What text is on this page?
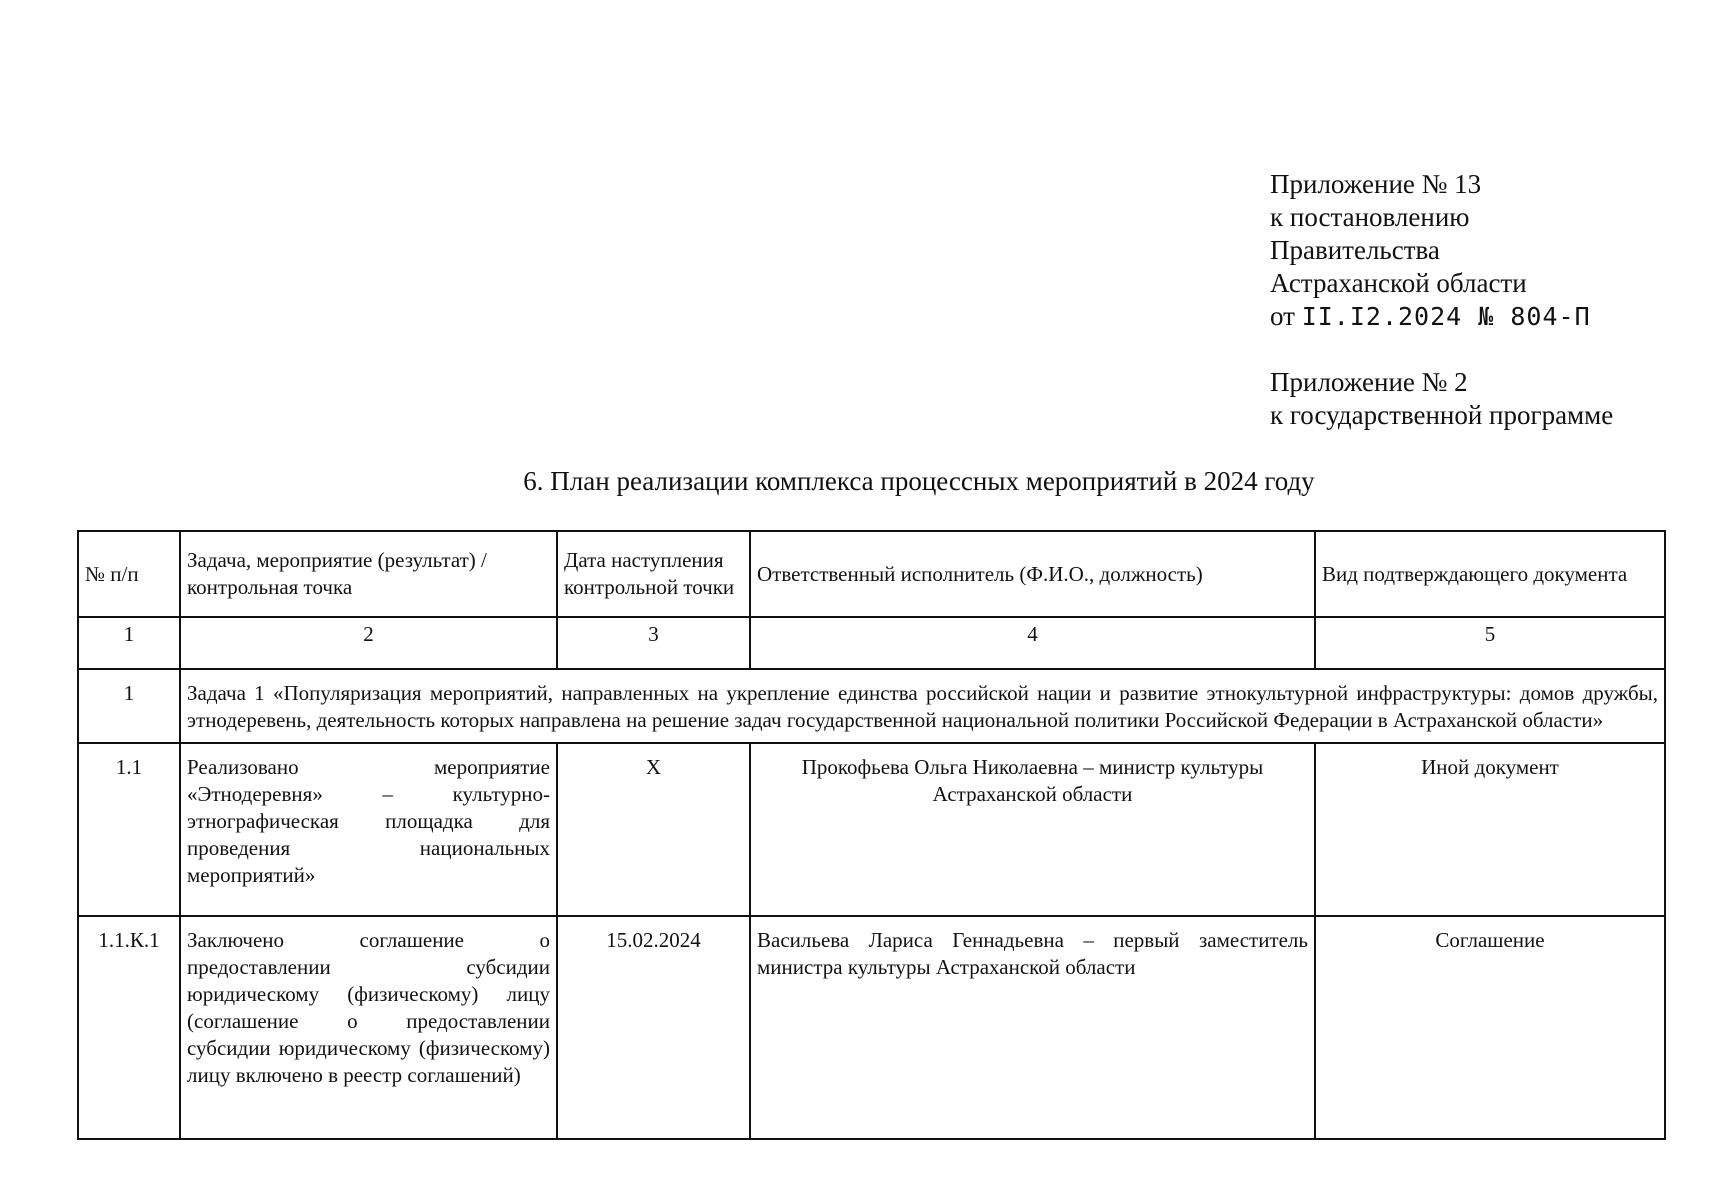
Приложение № 13
к постановлению
Правительства
Астраханской области
от II.I2.2024 № 804-П
Приложение № 2
к государственной программе
6. План реализации комплекса процессных мероприятий в 2024 году
№ п/п	Задача, мероприятие (результат) / контрольная точка	Дата наступления контрольной точки	Ответственный исполнитель (Ф.И.О., должность)	Вид подтверждающего документа
1	2	3	4	5
1	Задача 1 «Популяризация мероприятий, направленных на укрепление единства российской нации и развитие этнокультурной инфраструктуры: домов дружбы, этнодеревень, деятельность которых направлена на решение задач государственной национальной политики Российской Федерации в Астраханской области»			
1.1	Реализовано мероприятие «Этнодеревня» – культурно-этнографическая площадка для проведения национальных мероприятий»	X	Прокофьева Ольга Николаевна – министр культуры Астраханской области	Иной документ
1.1.К.1	Заключено соглашение о предоставлении субсидии юридическому (физическому) лицу (соглашение о предоставлении субсидии юридическому (физическому) лицу включено в реестр соглашений)	15.02.2024	Васильева Лариса Геннадьевна – первый заместитель министра культуры Астраханской области	Соглашение
